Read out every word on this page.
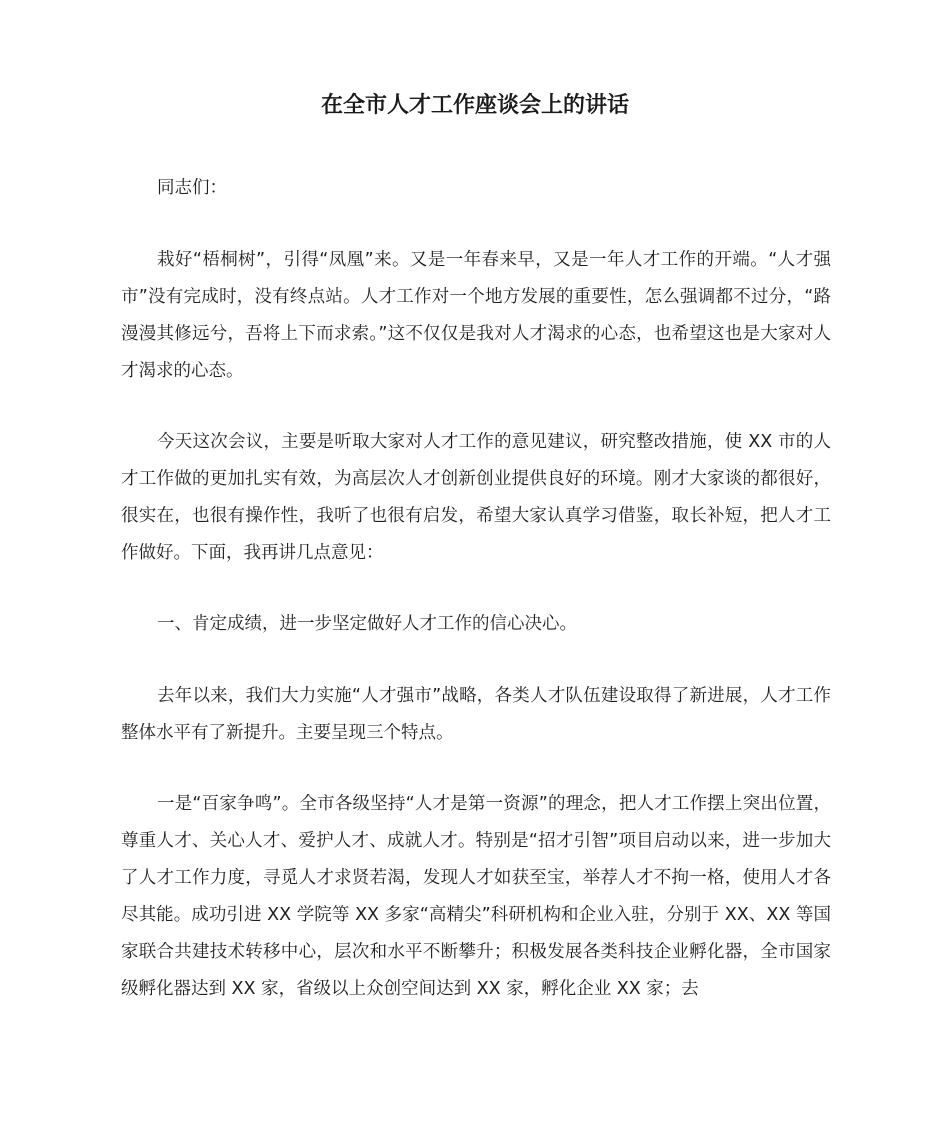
在全市人才工作座谈会上的讲话

同志们：

栽好“梧桐树”，引得“凤凰”来。又是一年春来早，又是一年人才工作的开端。“人才强市”没有完成时，没有终点站。人才工作对一个地方发展的重要性，怎么强调都不过分，“路漫漫其修远兮，吾将上下而求索。”这不仅仅是我对人才渴求的心态，也希望这也是大家对人才渴求的心态。

今天这次会议，主要是听取大家对人才工作的意见建议，研究整改措施，使 XX 市的人才工作做的更加扎实有效，为高层次人才创新创业提供良好的环境。刚才大家谈的都很好，很实在，也很有操作性，我听了也很有启发，希望大家认真学习借鉴，取长补短，把人才工作做好。下面，我再讲几点意见：

一、肯定成绩，进一步坚定做好人才工作的信心决心。

去年以来，我们大力实施“人才强市”战略，各类人才队伍建设取得了新进展，人才工作整体水平有了新提升。主要呈现三个特点。

一是“百家争鸣”。全市各级坚持“人才是第一资源”的理念，把人才工作摆上突出位置，尊重人才、关心人才、爱护人才、成就人才。特别是“招才引智”项目启动以来，进一步加大了人才工作力度，寻觅人才求贤若渴，发现人才如获至宝，举荐人才不拘一格，使用人才各尽其能。成功引进 XX 学院等 XX 多家“高精尖”科研机构和企业入驻，分别于 XX、XX 等国家联合共建技术转移中心，层次和水平不断攀升；积极发展各类科技企业孵化器，全市国家级孵化器达到 XX 家，省级以上众创空间达到 XX 家，孵化企业 XX 家；去
